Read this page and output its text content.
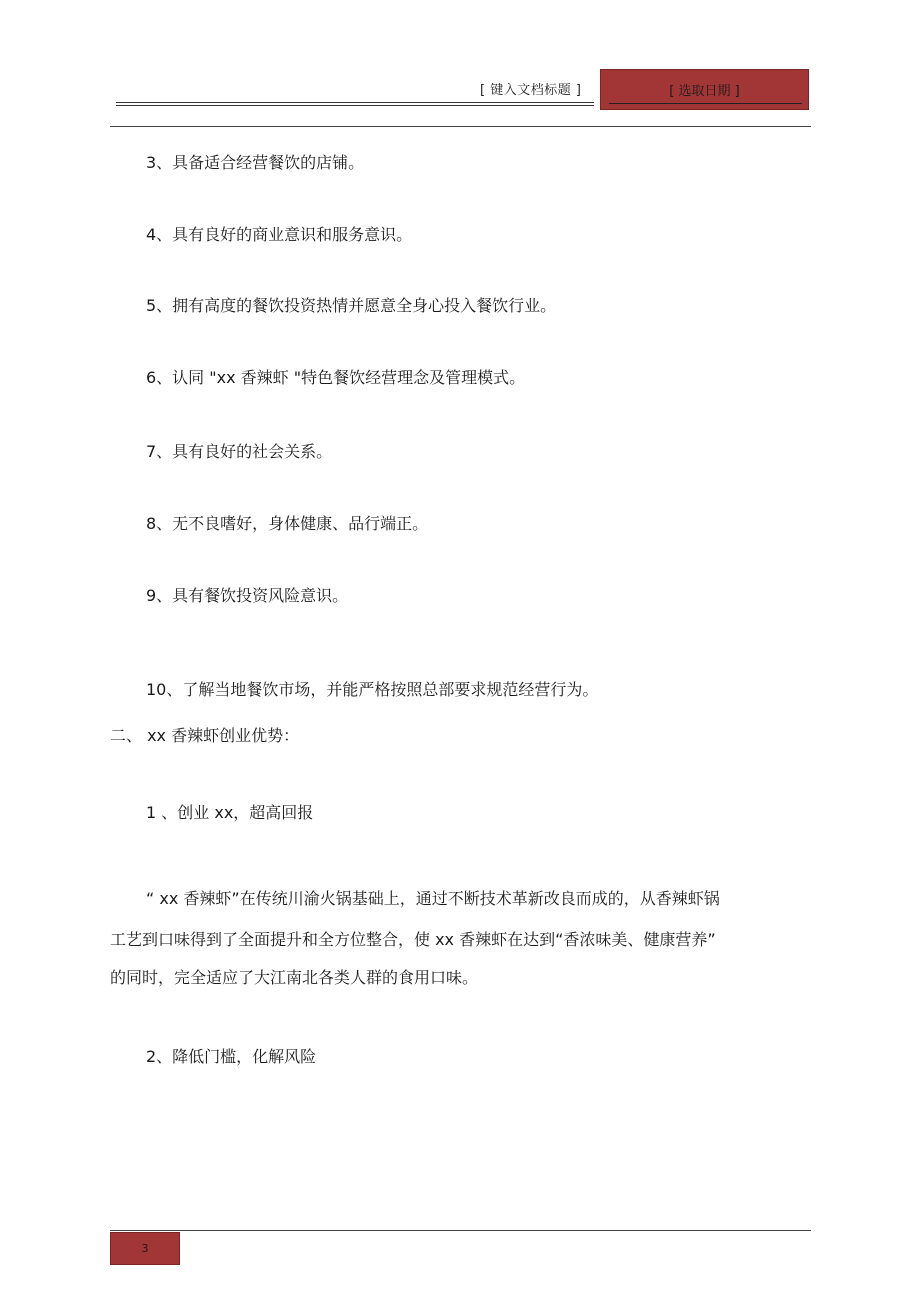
[ 键入文档标题 ]	[ 选取日期 ]
3、具备适合经营餐饮的店铺。
4、具有良好的商业意识和服务意识。
5、拥有高度的餐饮投资热情并愿意全身心投入餐饮行业。
6、认同 "xx 香辣虾 "特色餐饮经营理念及管理模式。
7、具有良好的社会关系。
8、无不良嗜好，身体健康、品行端正。
9、具有餐饮投资风险意识。
10、了解当地餐饮市场，并能严格按照总部要求规范经营行为。
二、 xx 香辣虾创业优势：
1 、创业 xx，超高回报
“ xx 香辣虾”在传统川渝火锅基础上，通过不断技术革新改良而成的，从香辣虾锅
工艺到口味得到了全面提升和全方位整合，使 xx 香辣虾在达到“香浓味美、健康营养”
的同时，完全适应了大江南北各类人群的食用口味。
2、降低门槛，化解风险
3
